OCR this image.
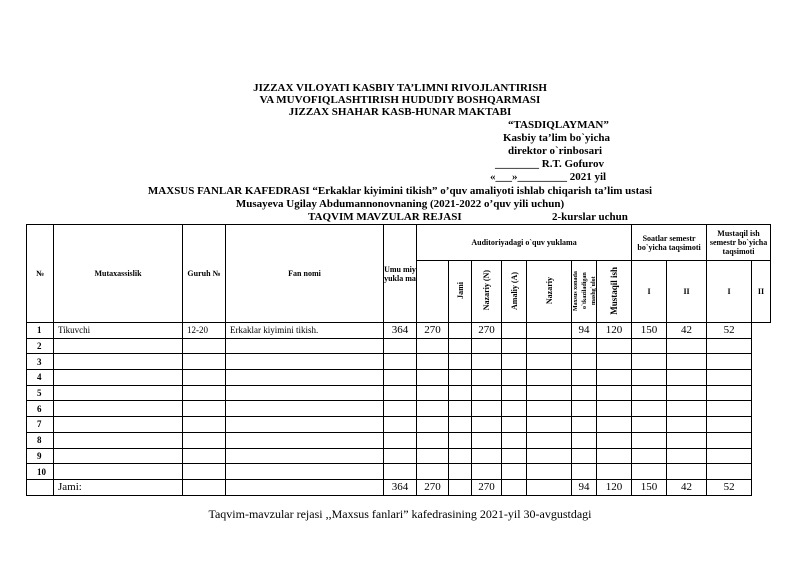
JIZZAX VILOYATI KASBIY TA’LIMNI RIVOJLANTIRISH
VA MUVOFIQLASHTIRISH HUDUDIY BOSHQARMASI
JIZZAX SHAHAR KASB-HUNAR MAKTABI
“TASDIQLAYMAN”
Kasbiy ta’lim bo`yicha
direktor o`rinbosari
________ R.T. Gofurov
«___»_________ 2021 yil
MAXSUS FANLAR KAFEDRASI “Erkaklar kiyimini tikish” o’quv amaliyoti ishlab chiqarish ta’lim ustasi
Musayeva Ugilay Abdumannonovnaning (2021-2022 o’quv yili uchun)
TAQVIM MAVZULAR REJASI	2-kurslar uchun
№	Mutaxassislik	Guruh №	Fan nomi	Umu miy yukla ma	Auditoriyadagi o`quv yuklama							Soatlar semestr bo`yicha taqsimoti		Mustaqil ish semestr bo`yicha taqsimoti	
						Jami	Nazariy (N)	Amaliy (A)	Nazariy	Maxsus xonada o`tkaziladigan mashg`ulot	Mustaqil ish	I	II	I	II
1	Tikuvchi	12-20	Erkaklar kiyimini tikish.	364	270		270			94	120	150	42	52	
2															
3															
4															
5															
6															
7															
8															
9															
10															
	Jami:			364	270		270			94	120	150	42	52	
Taqvim-mavzular rejasi ,,Maxsus fanlari” kafedrasining 2021-yil 30-avgustdagi
